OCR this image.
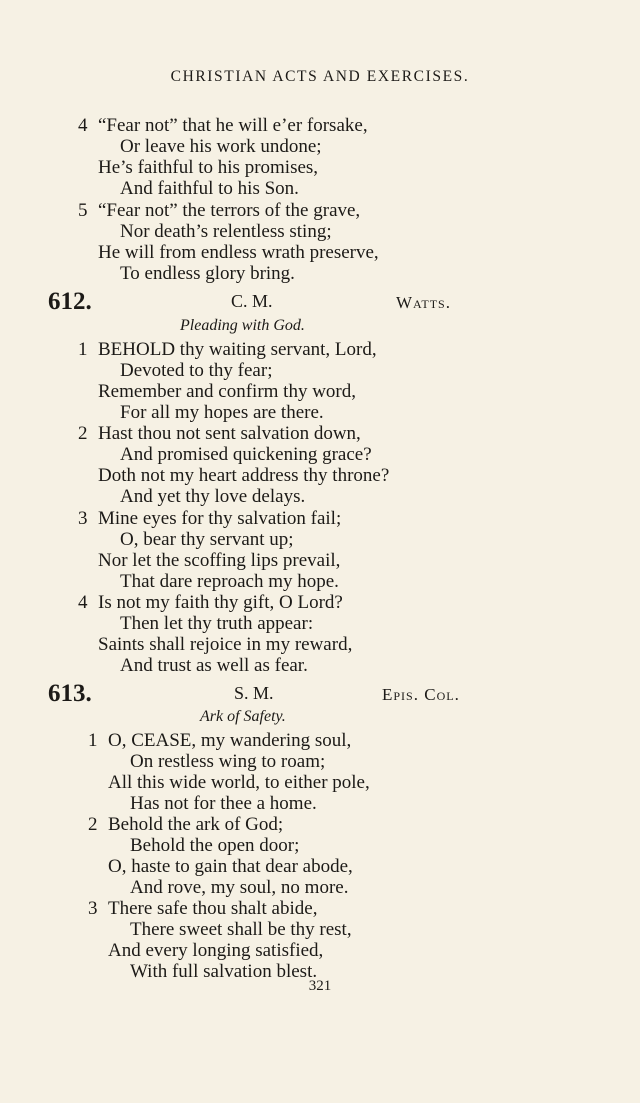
CHRISTIAN ACTS AND EXERCISES.
4 “Fear not” that he will e’er forsake,
Or leave his work undone;
He’s faithful to his promises,
And faithful to his Son.
5 “Fear not” the terrors of the grave,
Nor death’s relentless sting;
He will from endless wrath preserve,
To endless glory bring.
612.	C. M.	Watts.
Pleading with God.
1 BEHOLD thy waiting servant, Lord,
Devoted to thy fear;
Remember and confirm thy word,
For all my hopes are there.
2 Hast thou not sent salvation down,
And promised quickening grace?
Doth not my heart address thy throne?
And yet thy love delays.
3 Mine eyes for thy salvation fail;
O, bear thy servant up;
Nor let the scoffing lips prevail,
That dare reproach my hope.
4 Is not my faith thy gift, O Lord?
Then let thy truth appear:
Saints shall rejoice in my reward,
And trust as well as fear.
613.	S. M.	Epis. Col.
Ark of Safety.
1 O, CEASE, my wandering soul,
On restless wing to roam;
All this wide world, to either pole,
Has not for thee a home.
2 Behold the ark of God;
Behold the open door;
O, haste to gain that dear abode,
And rove, my soul, no more.
3 There safe thou shalt abide,
There sweet shall be thy rest,
And every longing satisfied,
With full salvation blest.
321
